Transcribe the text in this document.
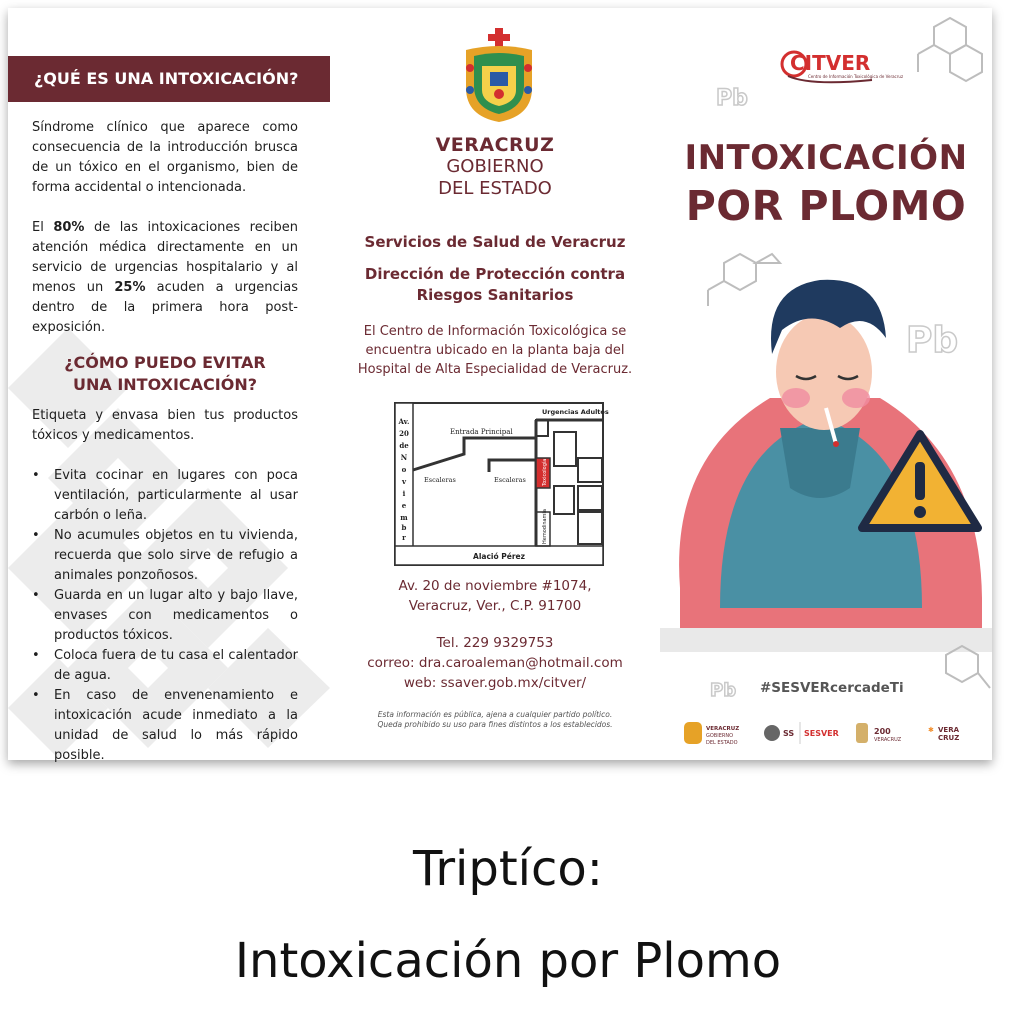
¿QUÉ ES UNA INTOXICACIÓN?
Síndrome clínico que aparece como consecuencia de la introducción brusca de un tóxico en el organismo, bien de forma accidental o intencionada.
El 80% de las intoxicaciones reciben atención médica directamente en un servicio de urgencias hospitalario y al menos un 25% acuden a urgencias dentro de la primera hora post-exposición.
¿CÓMO PUEDO EVITAR
UNA INTOXICACIÓN?
Etiqueta y envasa bien tus productos tóxicos y medicamentos.
• Evita cocinar en lugares con poca ventilación, particularmente al usar carbón o leña.
• No acumules objetos en tu vivienda, recuerda que solo sirve de refugio a animales ponzoñosos.
• Guarda en un lugar alto y bajo llave, envases con medicamentos o productos tóxicos.
• Coloca fuera de tu casa el calentador de agua.
• En caso de envenenamiento e intoxicación acude inmediato a la unidad de salud lo más rápido posible.
VERACRUZ
GOBIERNO
DEL ESTADO
Servicios de Salud de Veracruz
Dirección de Protección contra Riesgos Sanitarios
El Centro de Información Toxicológica se encuentra ubicado en la planta baja del Hospital de Alta Especialidad de Veracruz.
Av.
20
de
N
o
v
i
e
m
b
r
Entrada Principal
Escaleras	Escaleras
Urgencias Adultos
Alació Pérez
Toxicología
Hemodinamia
Av. 20 de noviembre #1074,
Veracruz, Ver., C.P. 91700
Tel. 229 9329753
correo: dra.caroaleman@hotmail.com
web: ssaver.gob.mx/citver/
Esta información es pública, ajena a cualquier partido político.
Queda prohibido su uso para fines distintos a los establecidos.
CITVER
Centro de Información Toxicológica de Veracruz
Pb
INTOXICACIÓN
POR PLOMO
Pb
Pb #SESVERcercadeTi
VERACRUZ
GOBIERNO
DEL ESTADO
SS SESVER	200
VERACRUZ
✱ VERA
CRUZ
Triptíco:
Intoxicación por Plomo
